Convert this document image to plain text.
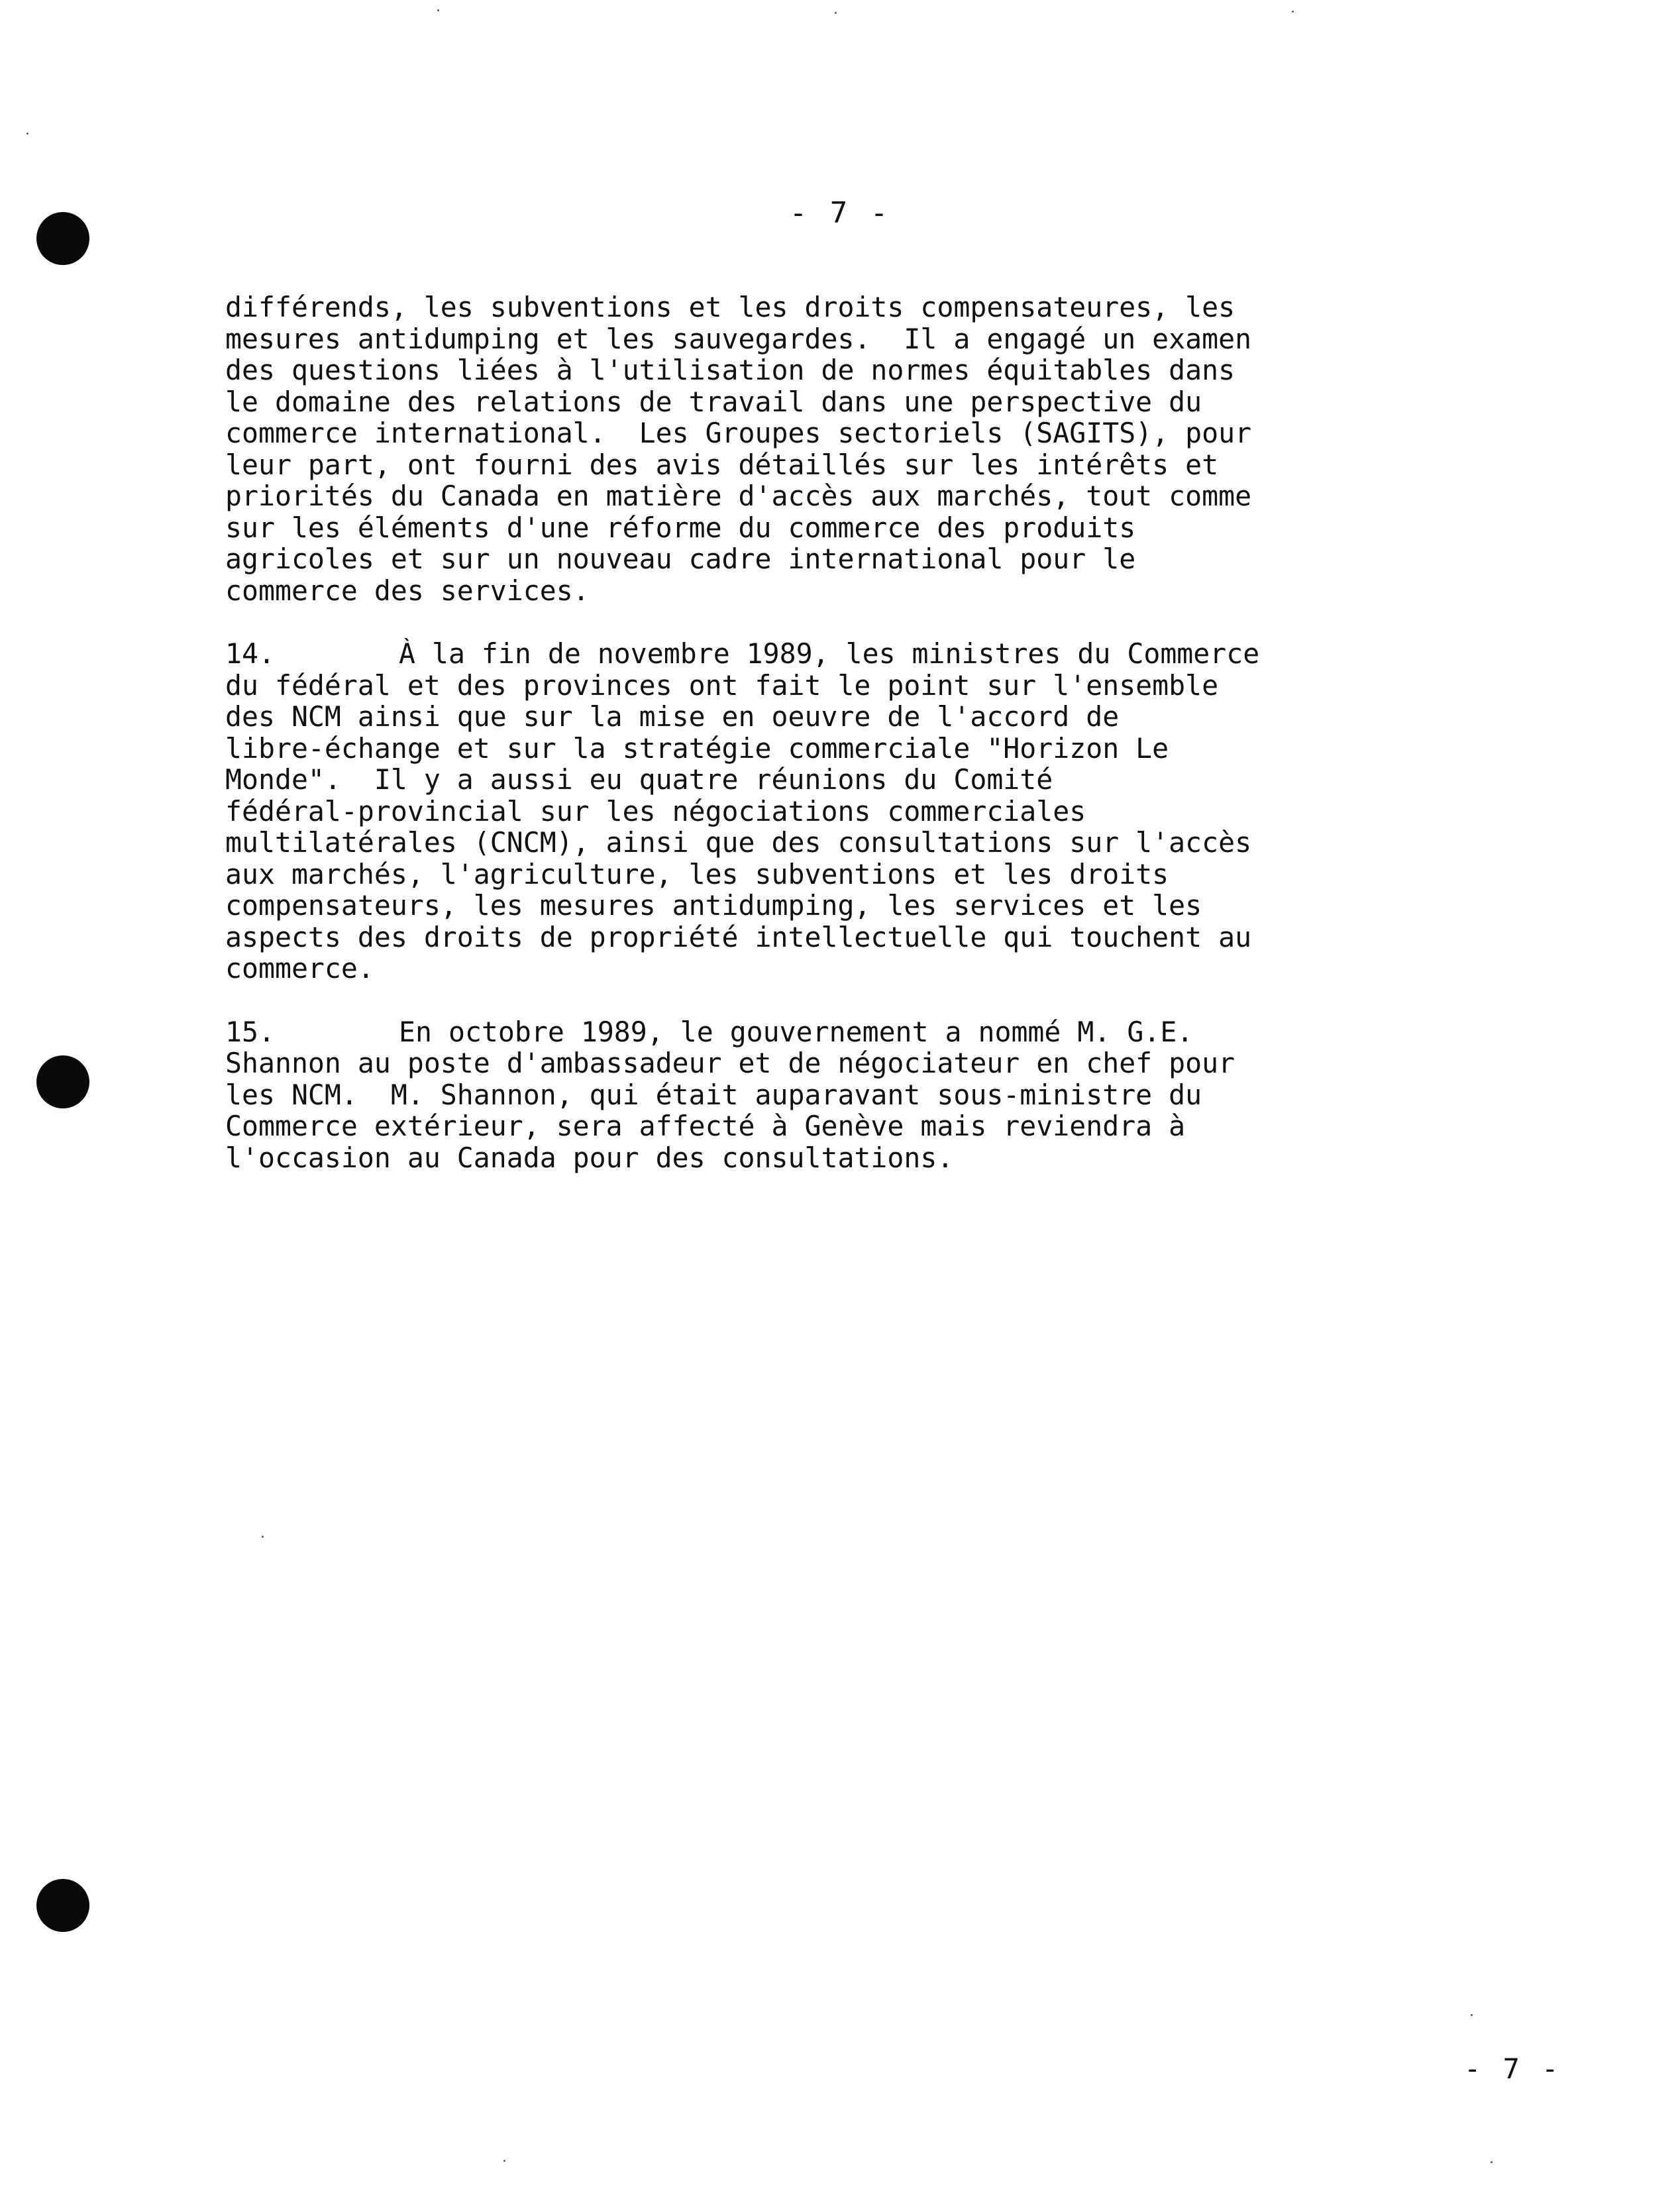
- 7 -
différends, les subventions et les droits compensateures, les
mesures antidumping et les sauvegardes.  Il a engagé un examen
des questions liées à l'utilisation de normes équitables dans
le domaine des relations de travail dans une perspective du
commerce international.  Les Groupes sectoriels (SAGITS), pour
leur part, ont fourni des avis détaillés sur les intérêts et
priorités du Canada en matière d'accès aux marchés, tout comme
sur les éléments d'une réforme du commerce des produits
agricoles et sur un nouveau cadre international pour le
commerce des services.
14.	À la fin de novembre 1989, les ministres du Commerce
du fédéral et des provinces ont fait le point sur l'ensemble
des NCM ainsi que sur la mise en oeuvre de l'accord de
libre-échange et sur la stratégie commerciale "Horizon Le
Monde".  Il y a aussi eu quatre réunions du Comité
fédéral-provincial sur les négociations commerciales
multilatérales (CNCM), ainsi que des consultations sur l'accès
aux marchés, l'agriculture, les subventions et les droits
compensateurs, les mesures antidumping, les services et les
aspects des droits de propriété intellectuelle qui touchent au
commerce.
15.	En octobre 1989, le gouvernement a nommé M. G.E.
Shannon au poste d'ambassadeur et de négociateur en chef pour
les NCM.  M. Shannon, qui était auparavant sous-ministre du
Commerce extérieur, sera affecté à Genève mais reviendra à
l'occasion au Canada pour des consultations.
- 7 -
